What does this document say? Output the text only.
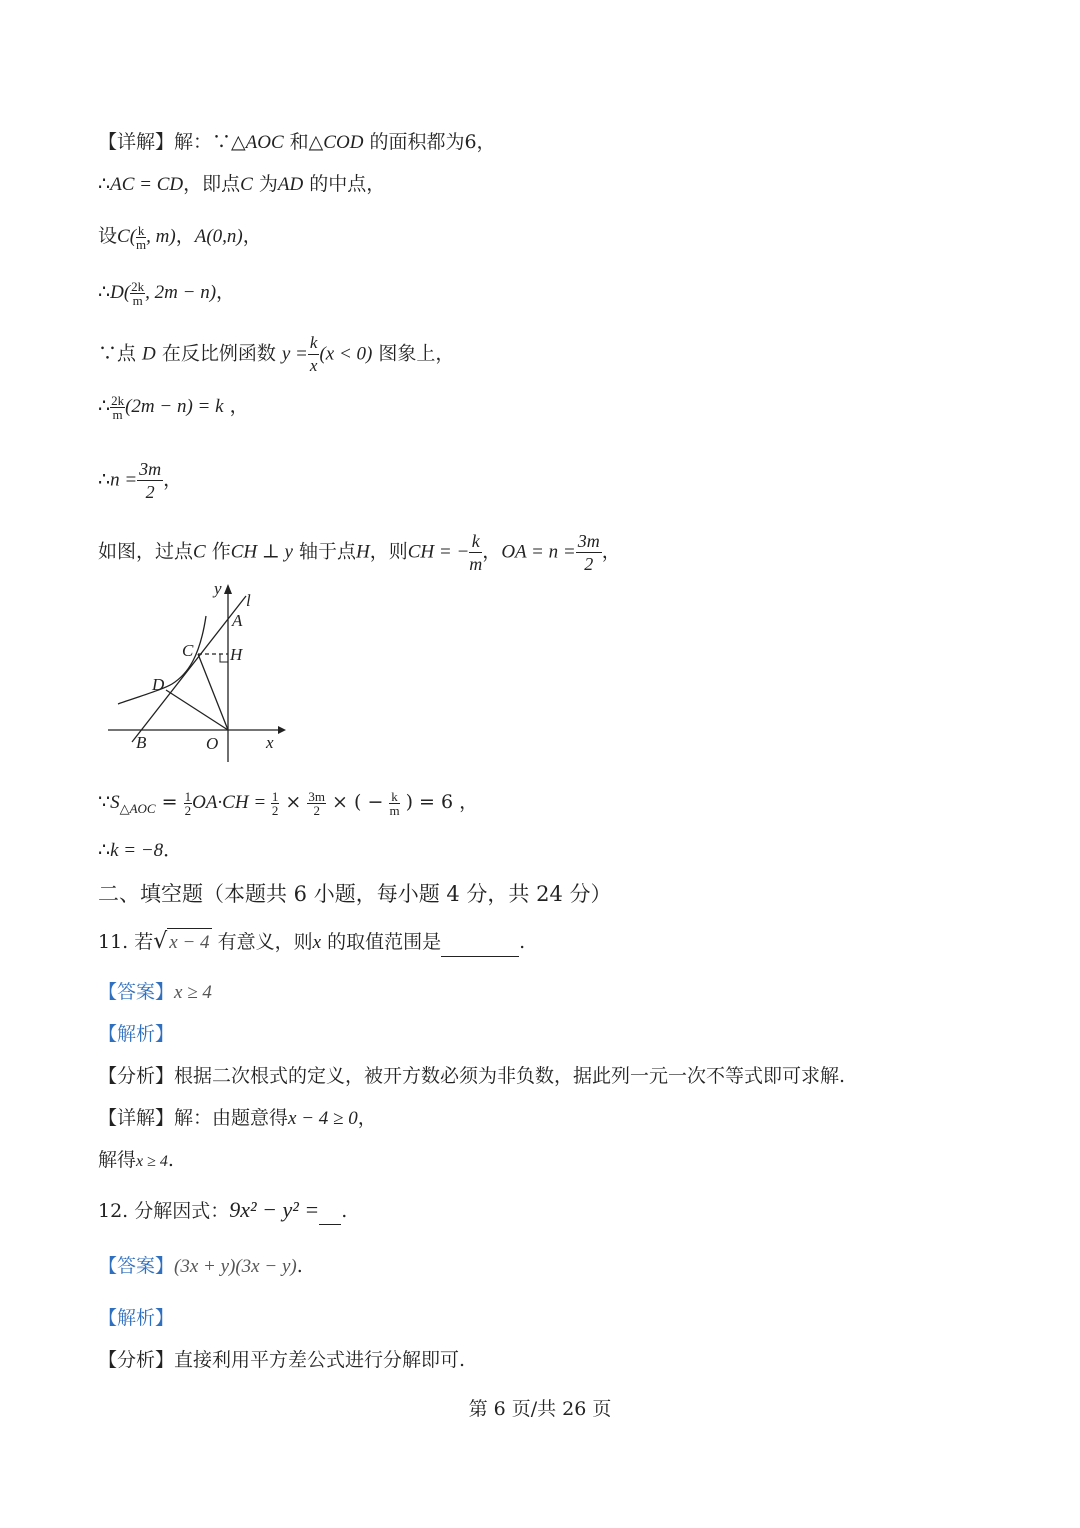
【详解】解：∵△AOC 和△COD 的面积都为6，
∴AC = CD，即点C 为AD 的中点，
设$C( \frac{k}{m}$ , m)，A(0,n)，
∴D( $\frac{2k}{m}$ , 2m − n)，
∵点 D 在反比例函数 $y = \frac{k}{x} (x < 0)$ 图象上，
∴ $\frac{2k}{m} (2m - n) = k$ ，
∴n = $\frac{3m}{2}$ ，
如图，过点C 作CH ⊥ y 轴于点H，则CH = − $\frac{k}{m}$ ，OA = $n = \frac{3m}{2}$ ，
y
l
A
C H
D
B	O	x
$\because S_{\triangle AOC} = \frac{1}{2} OA\cdot CH = \frac{1}{2} \times \frac{3m}{2}$ × ( − $\frac{k}{m}$ ) = 6 ，
∴k = −8．
二、填空题（本题共 6 小题，每小题 4 分，共 24 分）
11. 若√ x − 4 有意义，则x 的取值范围是	.
【答案】x ≥ 4
【解析】
【分析】根据二次根式的定义，被开方数必须为非负数，据此列一元一次不等式即可求解.
【详解】解：由题意得x − 4 ≥ 0，
解得x ≥ 4.
12. 分解因式：9x² − y² = .
【答案】(3x + y)(3x − y).
【解析】
【分析】直接利用平方差公式进行分解即可.
第 6 页/共 26 页
